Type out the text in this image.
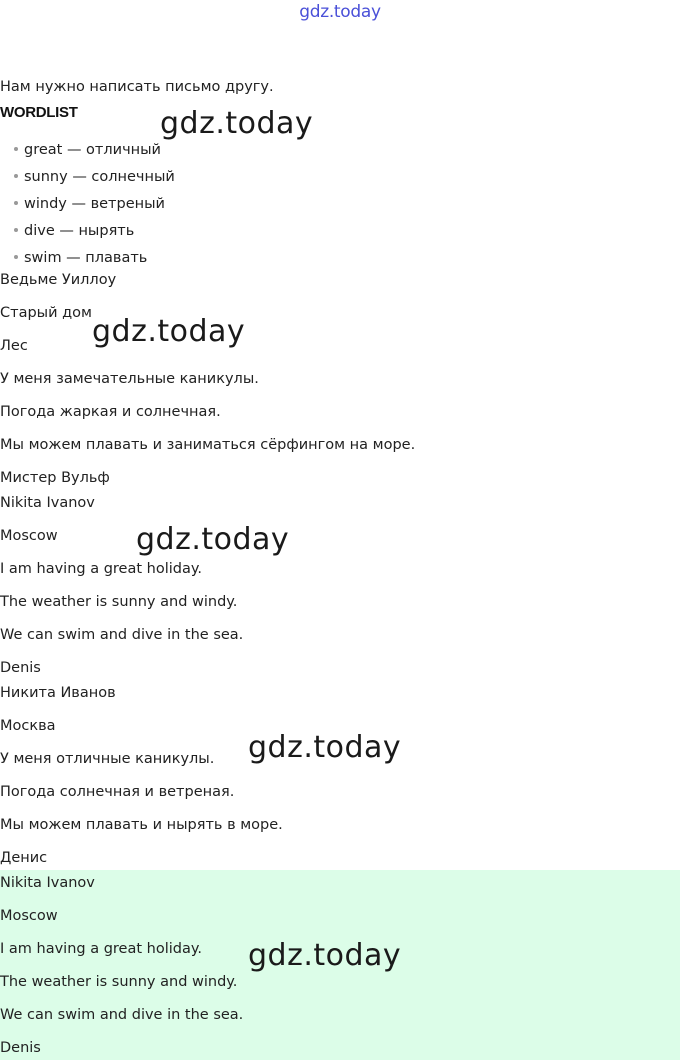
gdz.today
Нам нужно написать письмо другу.
WORDLIST
great — отличный
sunny — солнечный
windy — ветреный
dive — нырять
swim — плавать
Ведьме Уиллоу
Старый дом
Лес
У меня замечательные каникулы.
Погода жаркая и солнечная.
Мы можем плавать и заниматься сёрфингом на море.
Мистер Вульф
Nikita Ivanov
Moscow
I am having a great holiday.
The weather is sunny and windy.
We can swim and dive in the sea.
Denis
Никита Иванов
Москва
У меня отличные каникулы.
Погода солнечная и ветреная.
Мы можем плавать и нырять в море.
Денис
Nikita Ivanov
Moscow
I am having a great holiday.
The weather is sunny and windy.
We can swim and dive in the sea.
Denis
gdz.today
gdz.today
gdz.today
gdz.today
gdz.today
